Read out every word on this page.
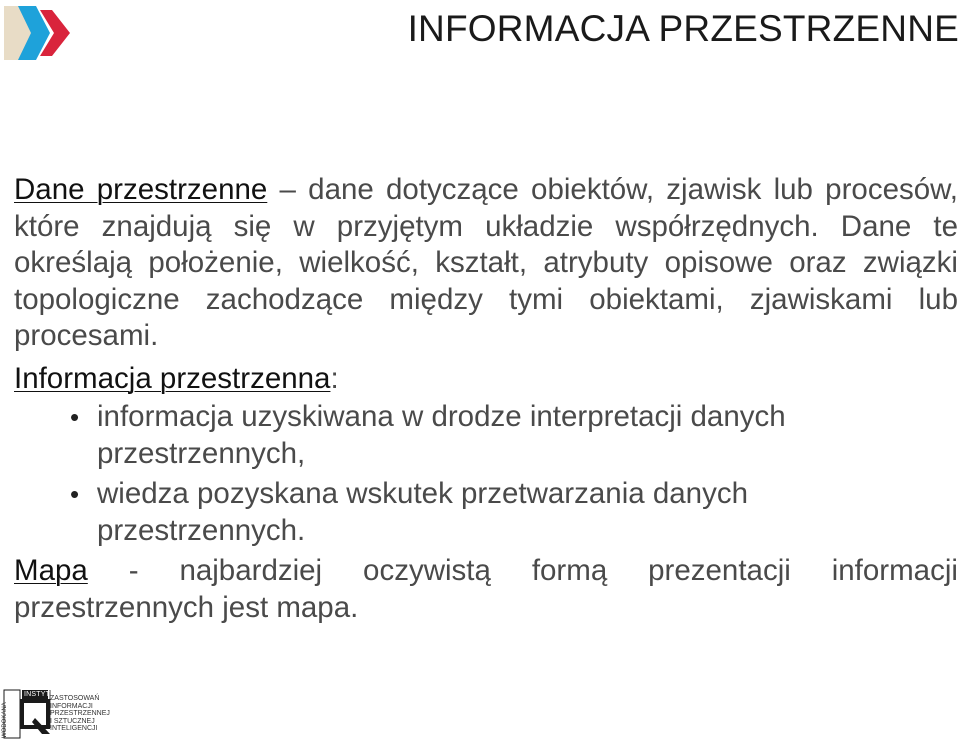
INFORMACJA PRZESTRZENNE

Dane przestrzenne – dane dotyczące obiektów, zjawisk lub procesów, które znajdują się w przyjętym układzie współrzędnych. Dane te określają położenie, wielkość, kształt, atrybuty opisowe oraz związki topologiczne zachodzące między tymi obiektami, zjawiskami lub procesami.

Informacja przestrzenna:

• informacja uzyskiwana w drodze interpretacji danych przestrzennych,
• wiedza pozyskana wskutek przetwarzania danych przestrzennych.
Mapa - najbardziej oczywistą formą prezentacji informacji

przestrzennych jest mapa.

INSTYTUT
ZASTOSOWAŃ
INFORMACJI
PRZESTRZENNEJ
I SZTUCZNEJ
INTELIGENCJI
WODOKANA
